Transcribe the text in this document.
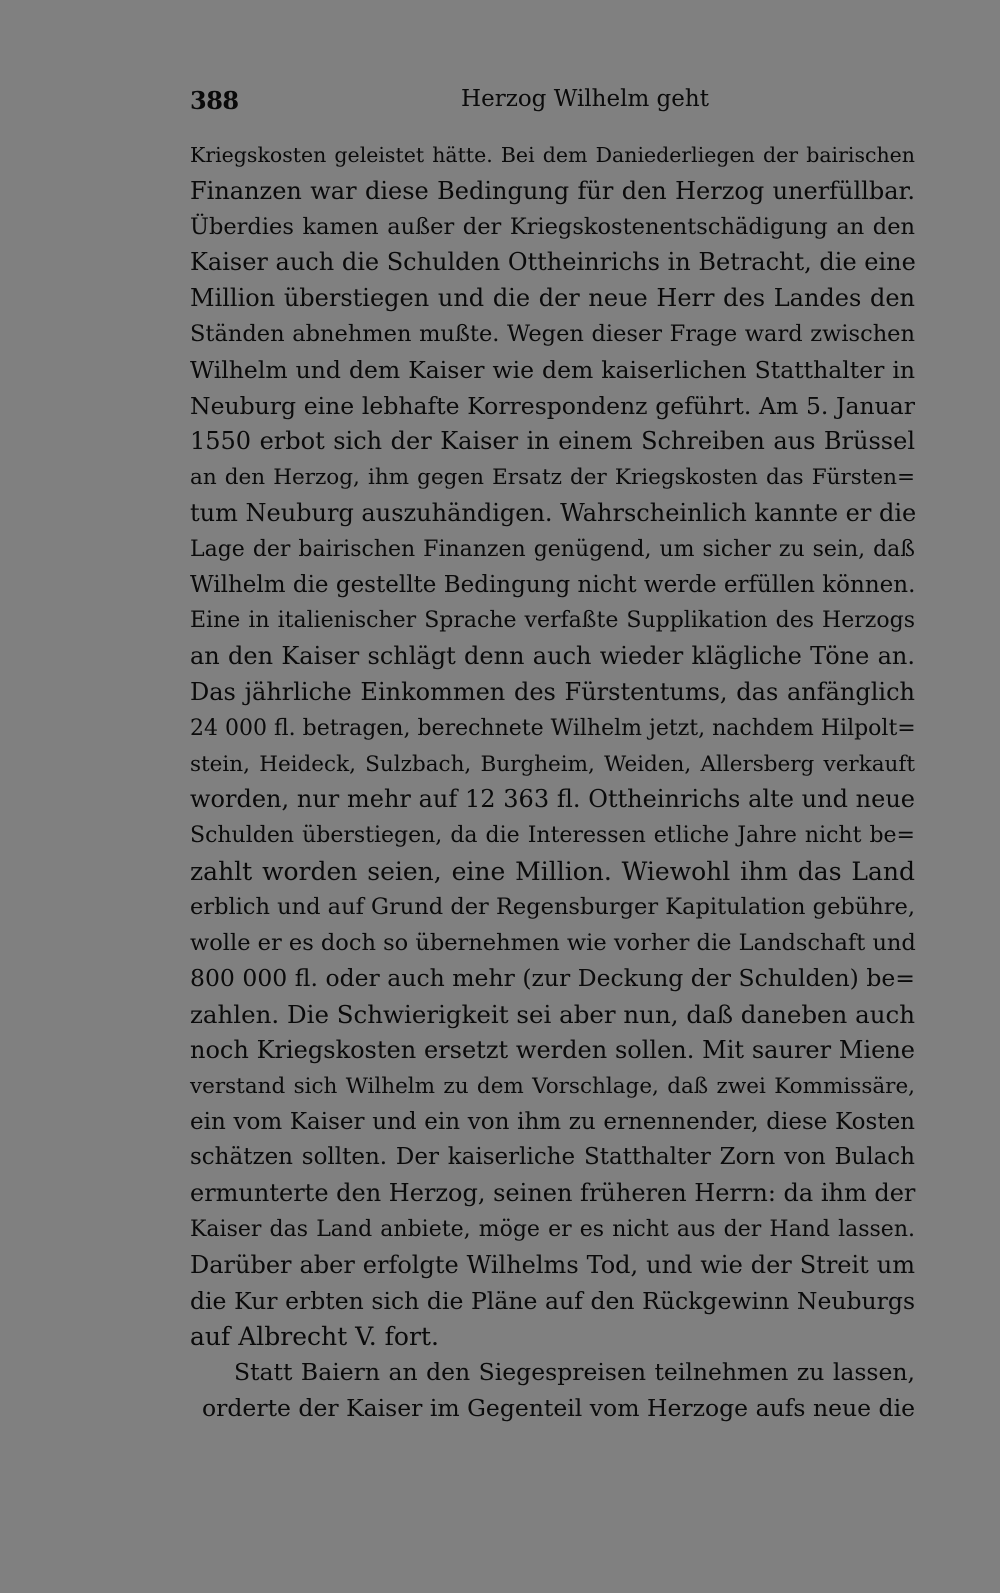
388	Herzog Wilhelm geht
Kriegskosten geleistet hätte. Bei dem Daniederliegen der bairischen
Finanzen war diese Bedingung für den Herzog unerfüllbar.
Überdies kamen außer der Kriegskostenentschädigung an den
Kaiser auch die Schulden Ottheinrichs in Betracht, die eine
Million überstiegen und die der neue Herr des Landes den
Ständen abnehmen mußte. Wegen dieser Frage ward zwischen
Wilhelm und dem Kaiser wie dem kaiserlichen Statthalter in
Neuburg eine lebhafte Korrespondenz geführt. Am 5. Januar
1550 erbot sich der Kaiser in einem Schreiben aus Brüssel
an den Herzog, ihm gegen Ersatz der Kriegskosten das Fürsten=
tum Neuburg auszuhändigen. Wahrscheinlich kannte er die
Lage der bairischen Finanzen genügend, um sicher zu sein, daß
Wilhelm die gestellte Bedingung nicht werde erfüllen können.
Eine in italienischer Sprache verfaßte Supplikation des Herzogs
an den Kaiser schlägt denn auch wieder klägliche Töne an.
Das jährliche Einkommen des Fürstentums, das anfänglich
24 000 fl. betragen, berechnete Wilhelm jetzt, nachdem Hilpolt=
stein, Heideck, Sulzbach, Burgheim, Weiden, Allersberg verkauft
worden, nur mehr auf 12 363 fl. Ottheinrichs alte und neue
Schulden überstiegen, da die Interessen etliche Jahre nicht be=
zahlt worden seien, eine Million. Wiewohl ihm das Land
erblich und auf Grund der Regensburger Kapitulation gebühre,
wolle er es doch so übernehmen wie vorher die Landschaft und
800 000 fl. oder auch mehr (zur Deckung der Schulden) be=
zahlen. Die Schwierigkeit sei aber nun, daß daneben auch
noch Kriegskosten ersetzt werden sollen. Mit saurer Miene
verstand sich Wilhelm zu dem Vorschlage, daß zwei Kommissäre,
ein vom Kaiser und ein von ihm zu ernennender, diese Kosten
schätzen sollten. Der kaiserliche Statthalter Zorn von Bulach
ermunterte den Herzog, seinen früheren Herrn: da ihm der
Kaiser das Land anbiete, möge er es nicht aus der Hand lassen.
Darüber aber erfolgte Wilhelms Tod, und wie der Streit um
die Kur erbten sich die Pläne auf den Rückgewinn Neuburgs
auf Albrecht V. fort.
Statt Baiern an den Siegespreisen teilnehmen zu lassen,
orderte der Kaiser im Gegenteil vom Herzoge aufs neue die
